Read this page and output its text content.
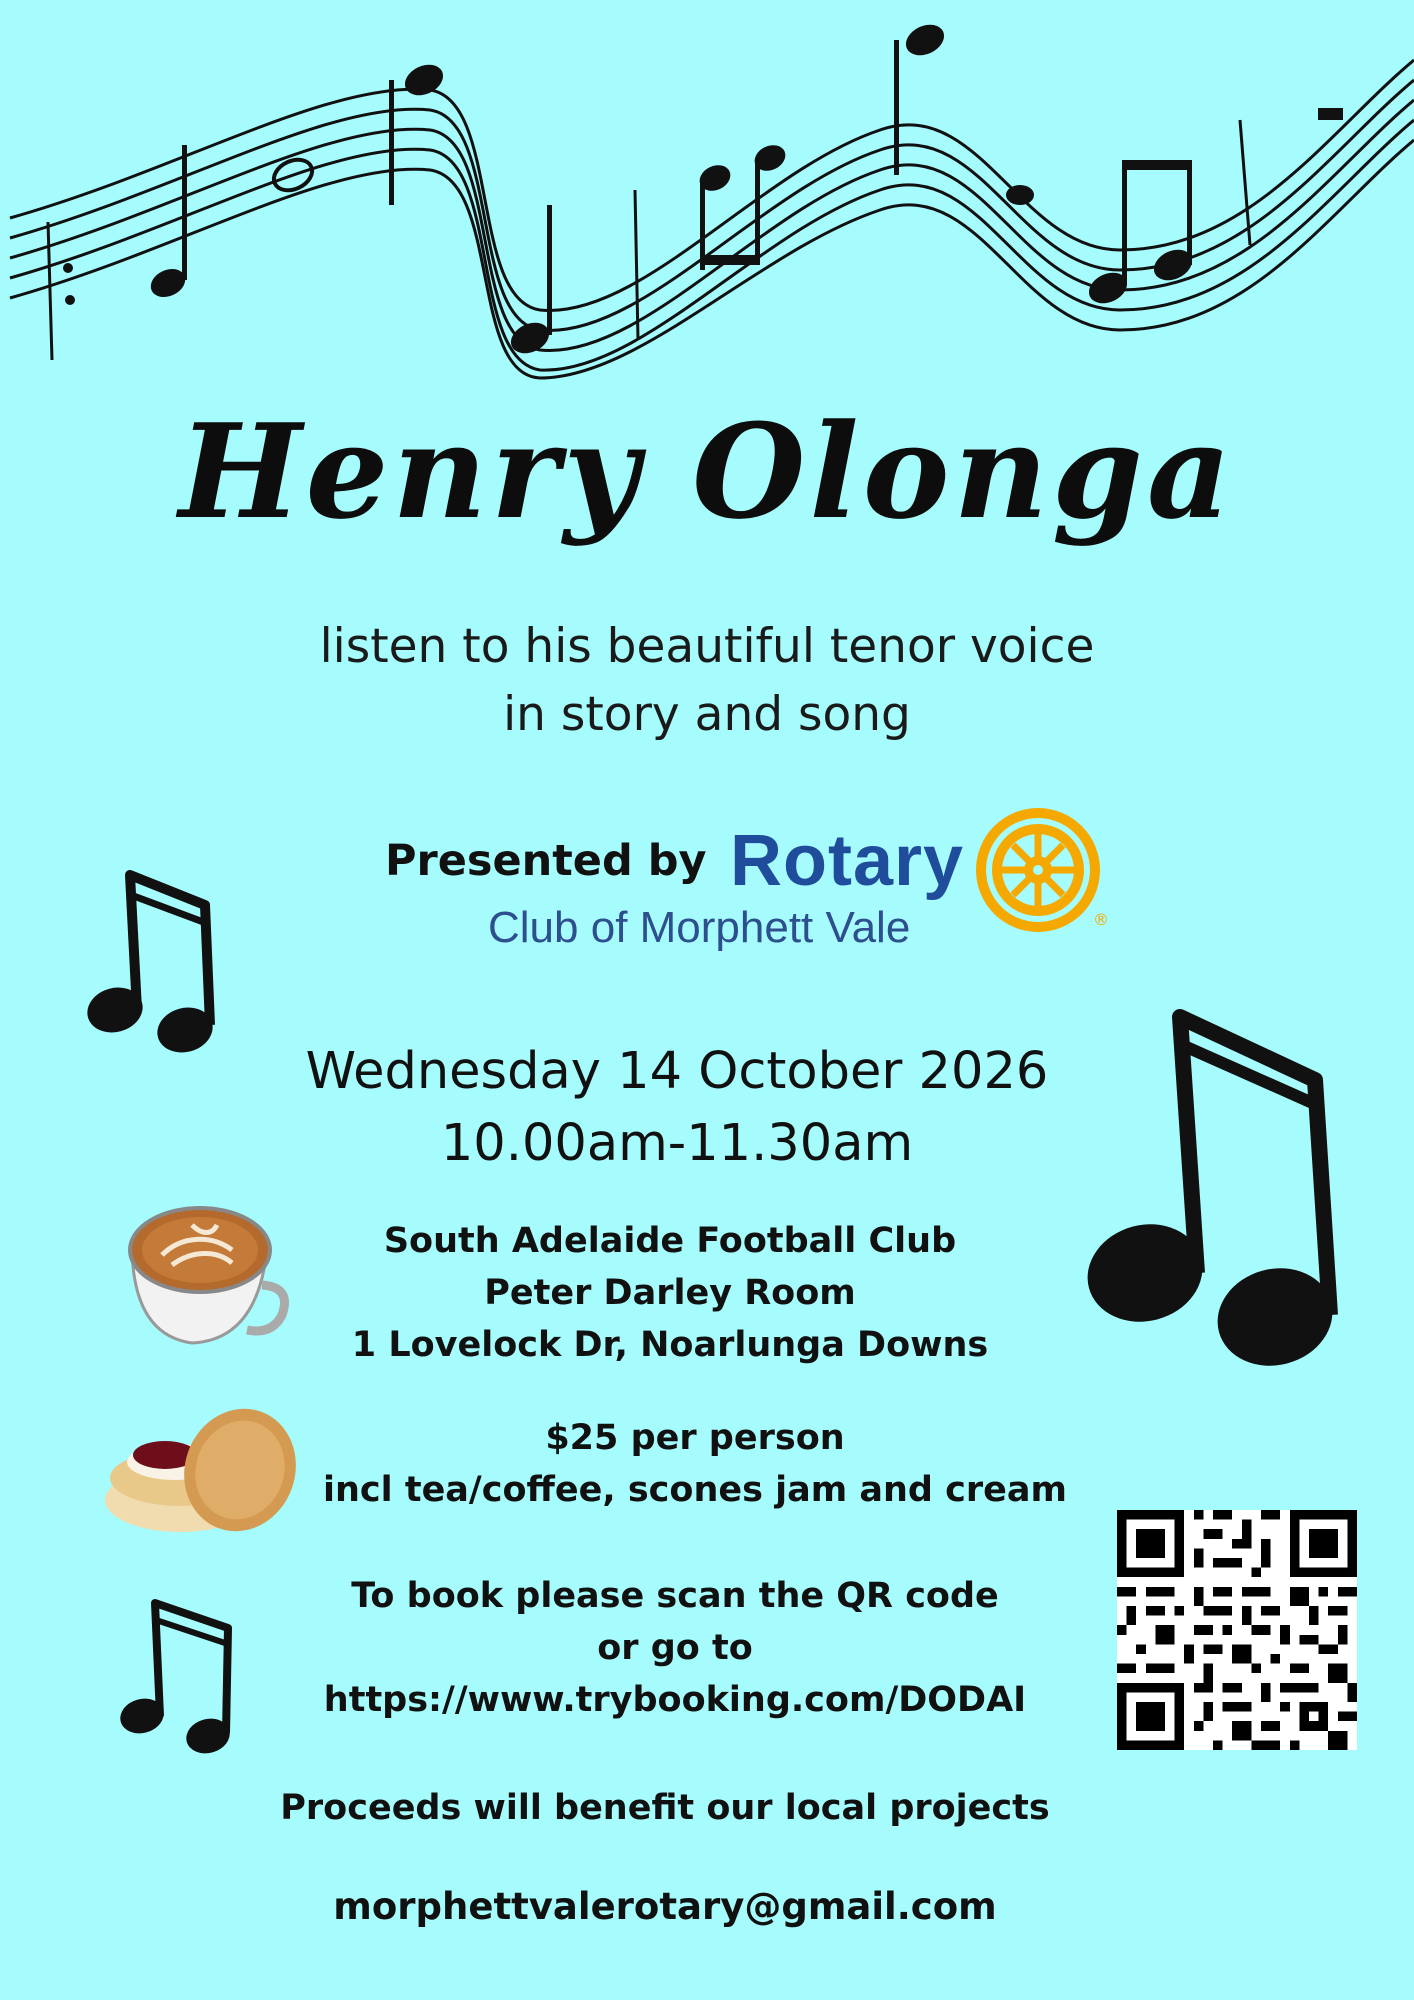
Henry Olonga
listen to his beautiful tenor voice
in story and song
Presented by Rotary
Club of Morphett Vale	®
Wednesday 14 October 2026
10.00am-11.30am
South Adelaide Football Club
Peter Darley Room
1 Lovelock Dr, Noarlunga Downs
$25 per person
incl tea/coffee, scones jam and cream
To book please scan the QR code
or go to
https://www.trybooking.com/DODAI
Proceeds will benefit our local projects
morphettvalerotary@gmail.com
